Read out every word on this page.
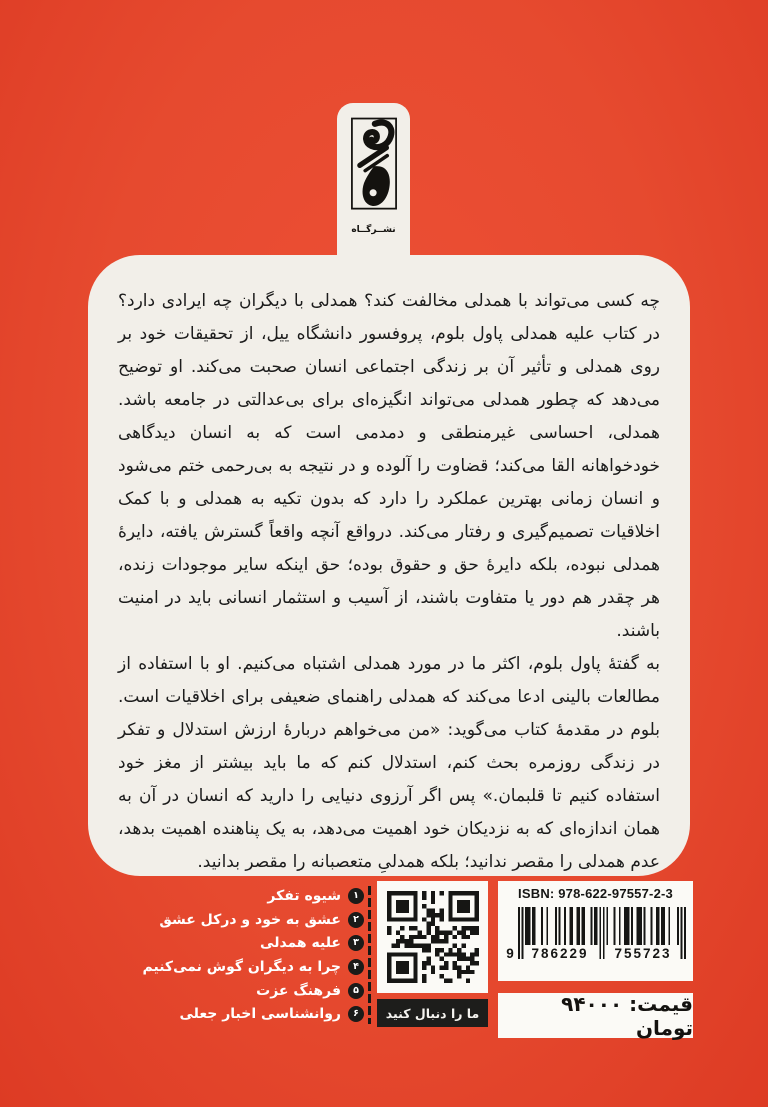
نشــرگــاه

چه کسی می‌تواند با همدلی مخالفت کند؟ همدلی با دیگران چه ایرادی دارد؟ در کتاب علیه همدلی پاول بلوم، پروفسور دانشگاه ییل، از تحقیقات خود بر روی همدلی و تأثیر آن بر زندگی اجتماعی انسان صحبت می‌کند. او توضیح می‌دهد که چطور همدلی می‌تواند انگیزه‌ای برای بی‌عدالتی در جامعه باشد. همدلی، احساسی غیرمنطقی و دمدمی است که به انسان دیدگاهی خودخواهانه القا می‌کند؛ قضاوت را آلوده و در نتیجه به بی‌رحمی ختم می‌شود و انسان زمانی بهترین عملکرد را دارد که بدون تکیه به همدلی و با کمک اخلاقیات تصمیم‌گیری و رفتار می‌کند. درواقع آنچه واقعاً گسترش یافته، دایرهٔ همدلی نبوده، بلکه دایرهٔ حق و حقوق بوده؛ حق اینکه سایر موجودات زنده، هر چقدر هم دور یا متفاوت باشند، از آسیب و استثمار انسانی باید در امنیت باشند.

به گفتهٔ پاول بلوم، اکثر ما در مورد همدلی اشتباه می‌کنیم. او با استفاده از مطالعات بالینی ادعا می‌کند که همدلی راهنمای ضعیفی برای اخلاقیات است. بلوم در مقدمهٔ کتاب می‌گوید: «من می‌خواهم دربارهٔ ارزش استدلال و تفکر در زندگی روزمره بحث کنم، استدلال کنم که ما باید بیشتر از مغز خود استفاده کنیم تا قلبمان.» پس اگر آرزوی دنیایی را دارید که انسان در آن به همان اندازه‌ای که به نزدیکان خود اهمیت می‌دهد، به یک پناهنده اهمیت بدهد، عدم همدلی را مقصر ندانید؛ بلکه همدلیِ متعصبانه را مقصر بدانید.

۱
شیوه تفکر
۲
عشق به خود و درکل عشق
۳
علیه همدلی
۴
چرا به دیگران گوش نمی‌کنیم
۵
فرهنگ عزت
۶
روانشناسی اخبار جعلی	ما را دنبال کنید
ISBN: 978-622-97557-2-3
9	786229	755723
قیمت: ۹۴۰۰۰ تومان
